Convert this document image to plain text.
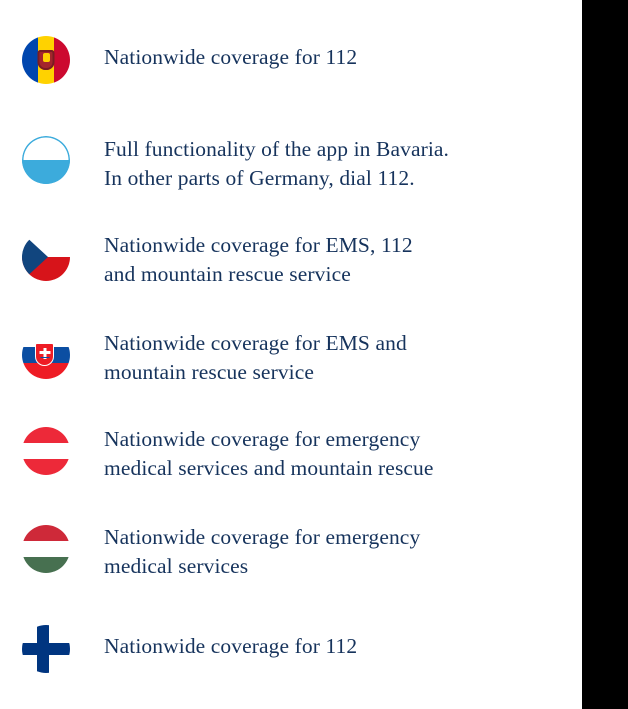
Nationwide coverage for 112
Full functionality of the app in Bavaria.
In other parts of Germany, dial 112.
Nationwide coverage for EMS, 112
and mountain rescue service
Nationwide coverage for EMS and
mountain rescue service
Nationwide coverage for emergency
medical services and mountain rescue
Nationwide coverage for emergency
medical services
Nationwide coverage for 112
